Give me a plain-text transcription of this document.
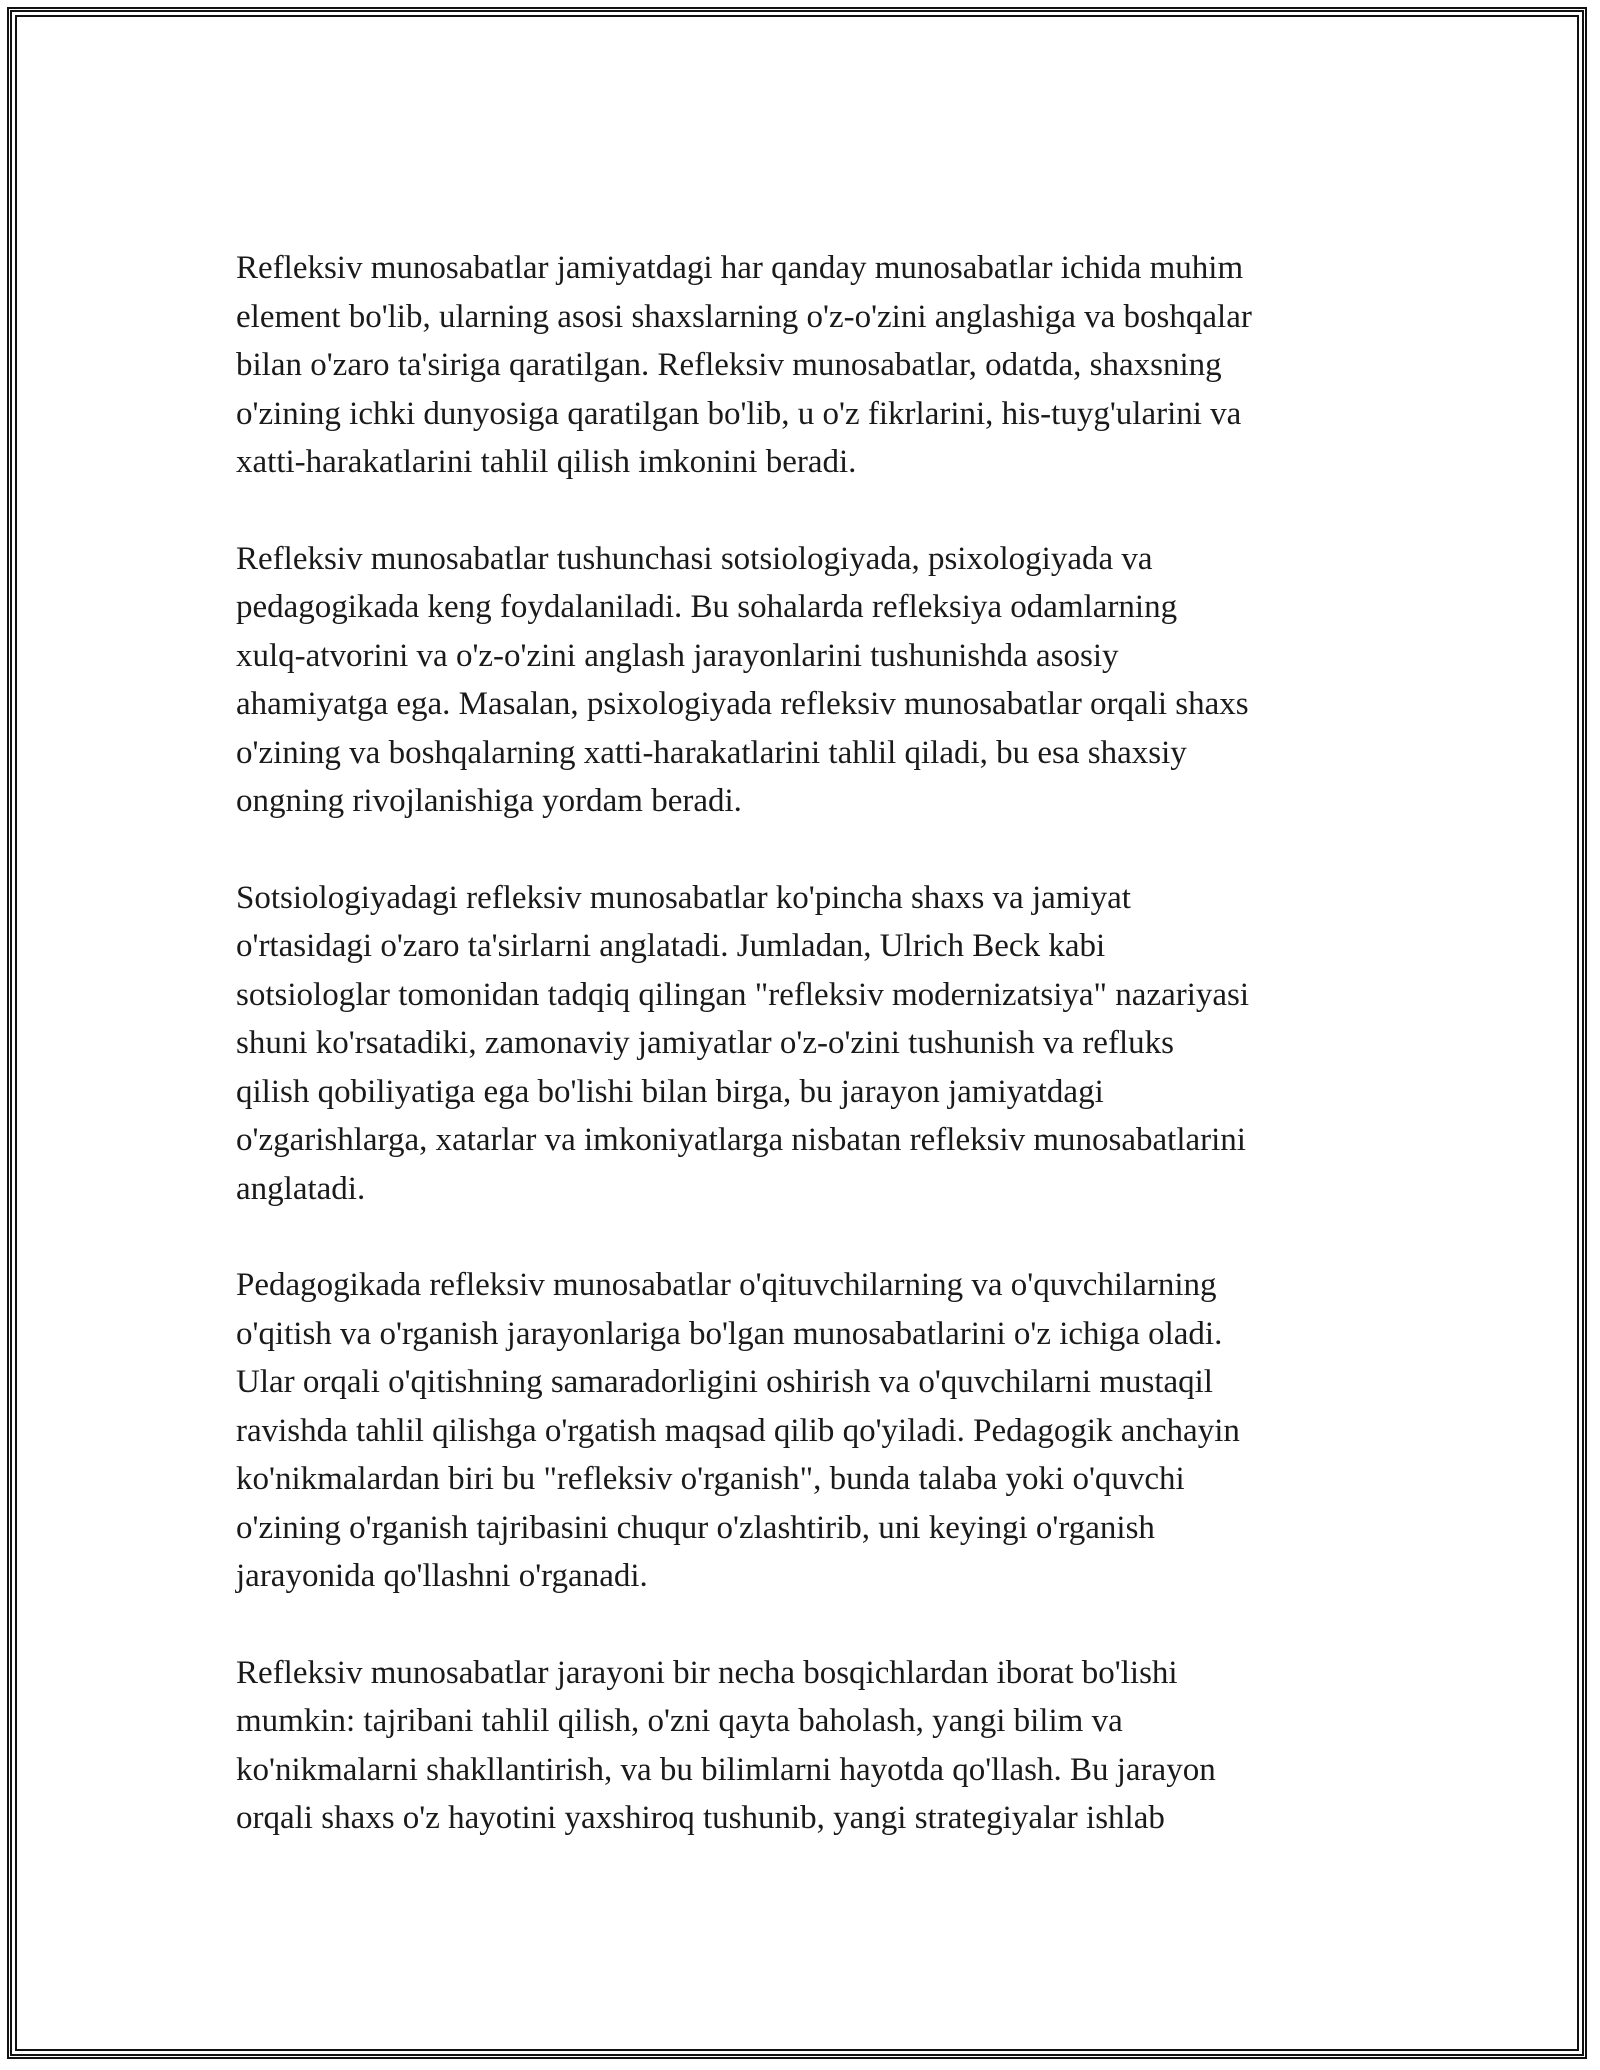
Refleksiv munosabatlar jamiyatdagi har qanday munosabatlar ichida muhim
element bo'lib, ularning asosi shaxslarning o'z-o'zini anglashiga va boshqalar
bilan o'zaro ta'siriga qaratilgan. Refleksiv munosabatlar, odatda, shaxsning
o'zining ichki dunyosiga qaratilgan bo'lib, u o'z fikrlarini, his-tuyg'ularini va
xatti-harakatlarini tahlil qilish imkonini beradi.

Refleksiv munosabatlar tushunchasi sotsiologiyada, psixologiyada va
pedagogikada keng foydalaniladi. Bu sohalarda refleksiya odamlarning
xulq-atvorini va o'z-o'zini anglash jarayonlarini tushunishda asosiy
ahamiyatga ega. Masalan, psixologiyada refleksiv munosabatlar orqali shaxs
o'zining va boshqalarning xatti-harakatlarini tahlil qiladi, bu esa shaxsiy
ongning rivojlanishiga yordam beradi.

Sotsiologiyadagi refleksiv munosabatlar ko'pincha shaxs va jamiyat
o'rtasidagi o'zaro ta'sirlarni anglatadi. Jumladan, Ulrich Beck kabi
sotsiologlar tomonidan tadqiq qilingan "refleksiv modernizatsiya" nazariyasi
shuni ko'rsatadiki, zamonaviy jamiyatlar o'z-o'zini tushunish va refluks
qilish qobiliyatiga ega bo'lishi bilan birga, bu jarayon jamiyatdagi
o'zgarishlarga, xatarlar va imkoniyatlarga nisbatan refleksiv munosabatlarini
anglatadi.

Pedagogikada refleksiv munosabatlar o'qituvchilarning va o'quvchilarning
o'qitish va o'rganish jarayonlariga bo'lgan munosabatlarini o'z ichiga oladi.
Ular orqali o'qitishning samaradorligini oshirish va o'quvchilarni mustaqil
ravishda tahlil qilishga o'rgatish maqsad qilib qo'yiladi. Pedagogik anchayin
ko'nikmalardan biri bu "refleksiv o'rganish", bunda talaba yoki o'quvchi
o'zining o'rganish tajribasini chuqur o'zlashtirib, uni keyingi o'rganish
jarayonida qo'llashni o'rganadi.

Refleksiv munosabatlar jarayoni bir necha bosqichlardan iborat bo'lishi
mumkin: tajribani tahlil qilish, o'zni qayta baholash, yangi bilim va
ko'nikmalarni shakllantirish, va bu bilimlarni hayotda qo'llash. Bu jarayon
orqali shaxs o'z hayotini yaxshiroq tushunib, yangi strategiyalar ishlab
